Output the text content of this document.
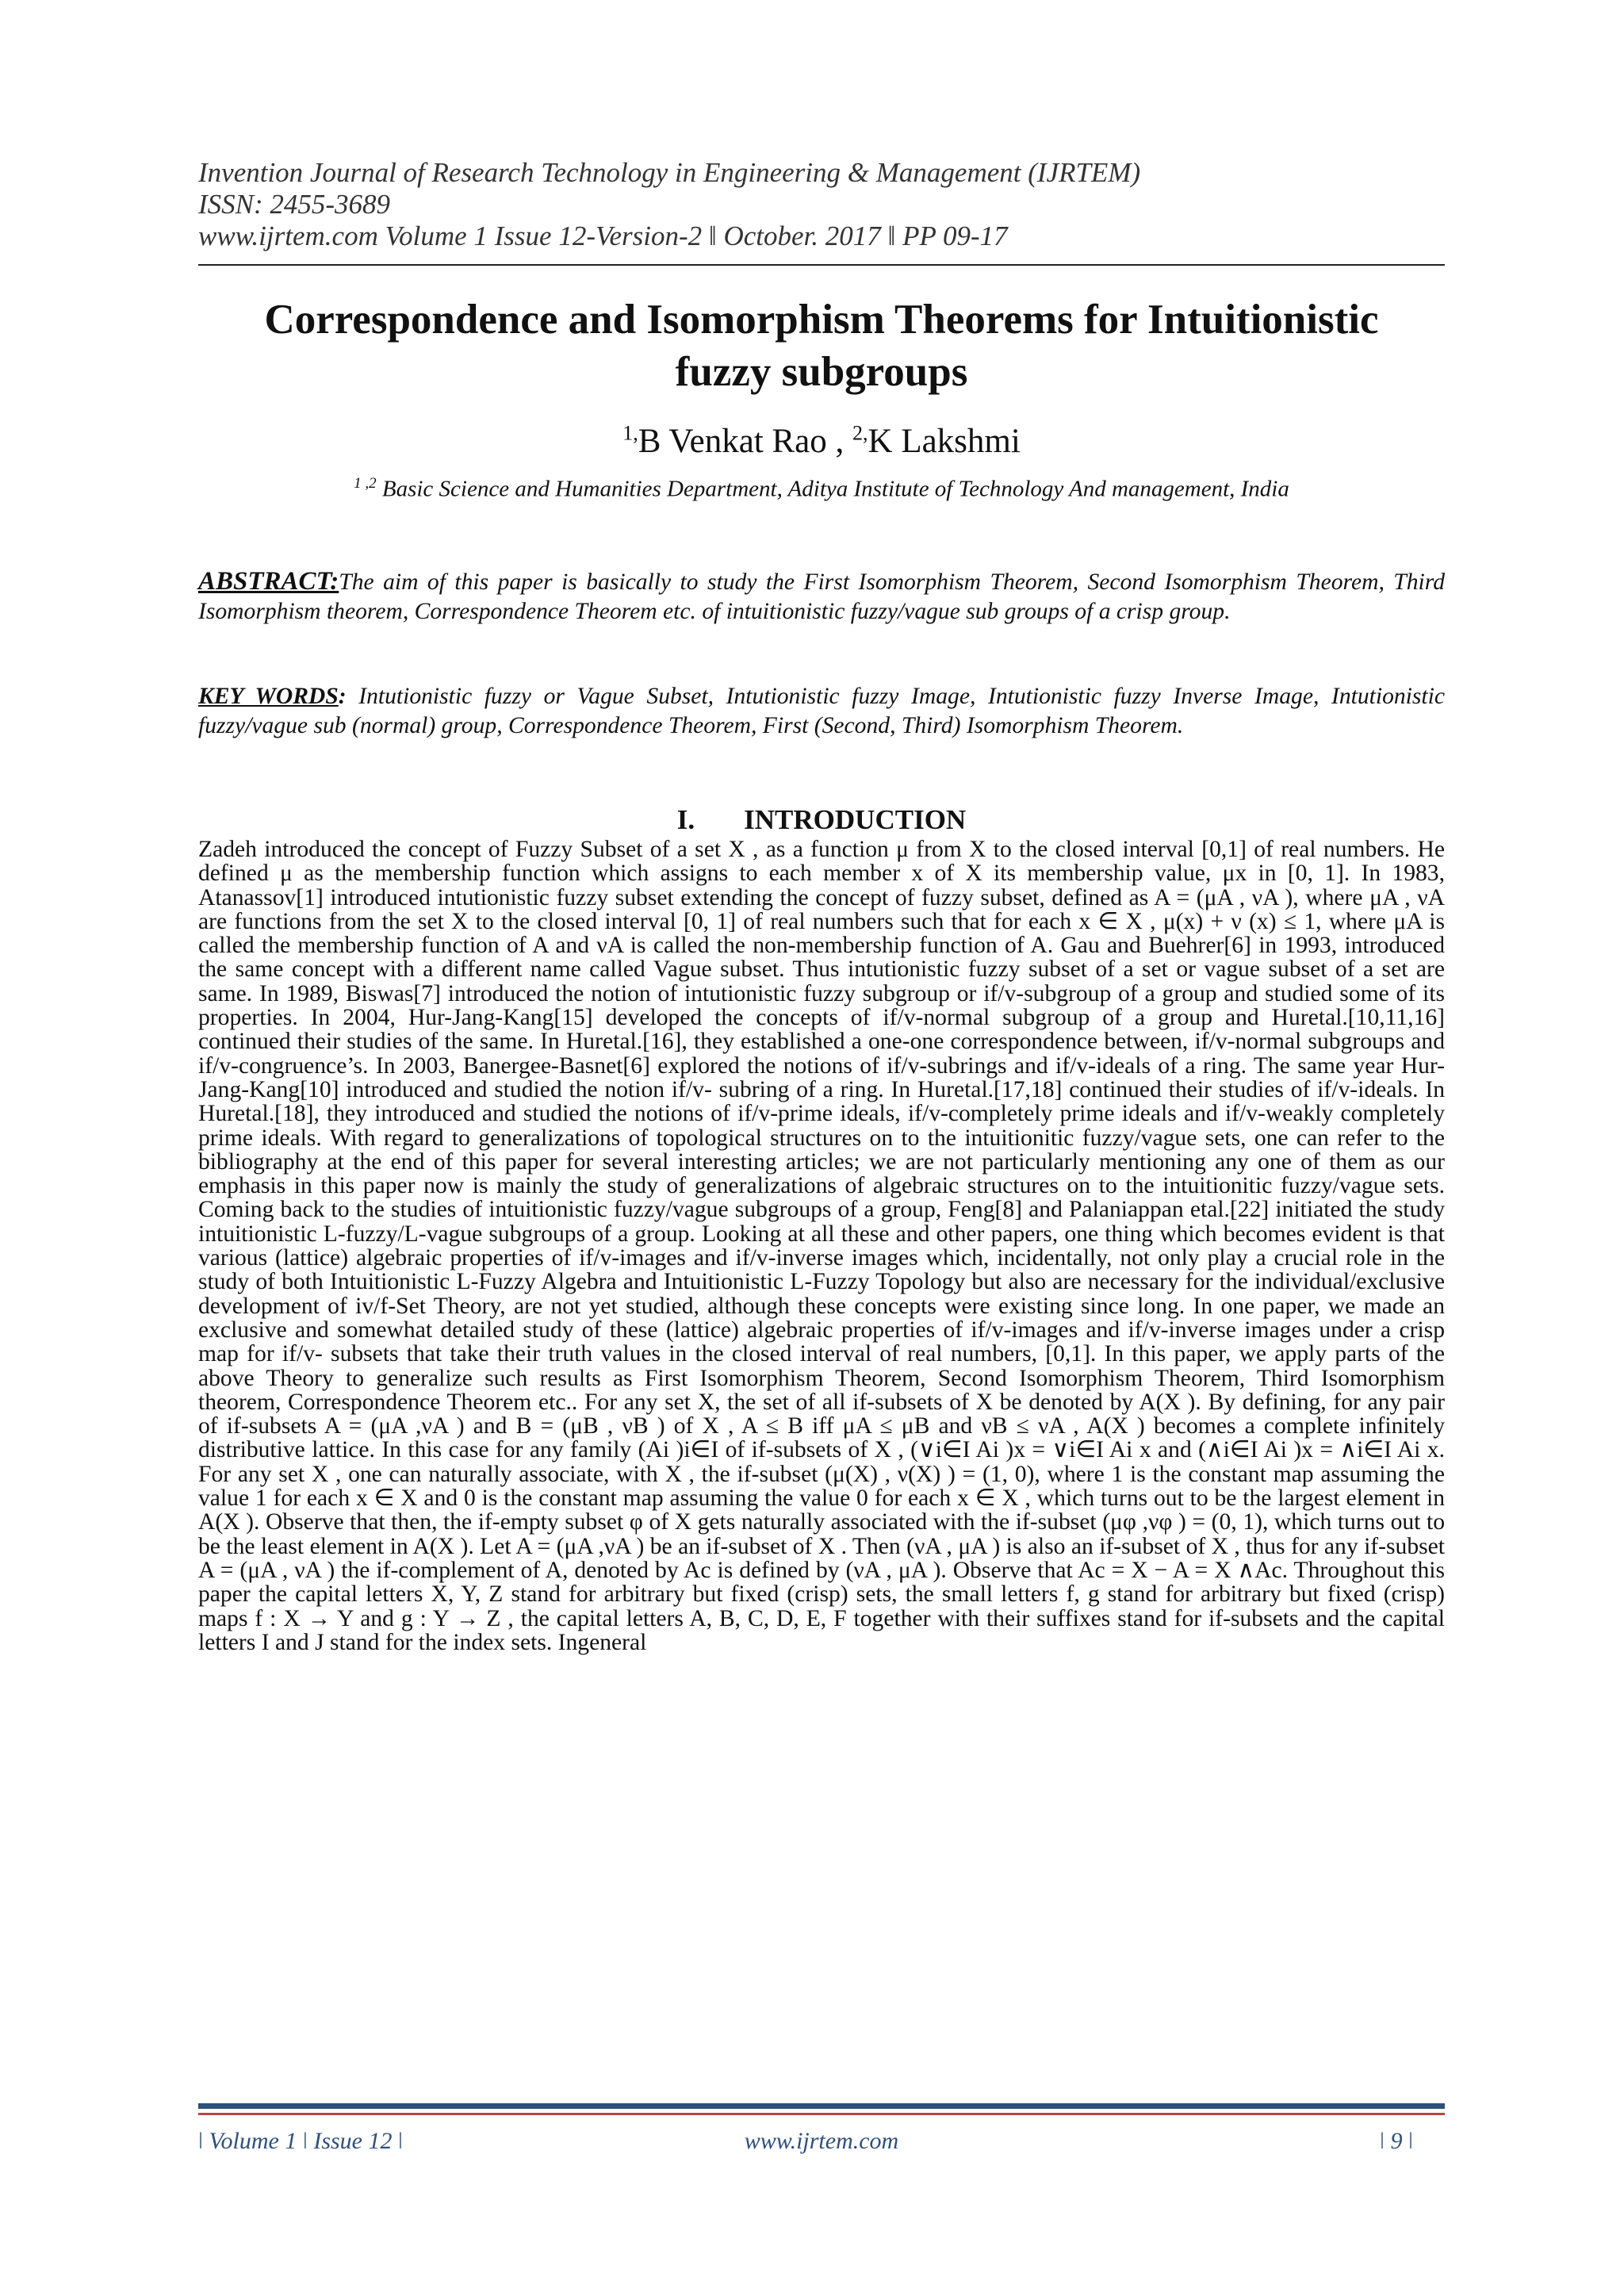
Invention Journal of Research Technology in Engineering & Management (IJRTEM)
ISSN: 2455-3689
www.ijrtem.com Volume 1 Issue 12-Version-2 ǁ October. 2017 ǁ PP 09-17
Correspondence and Isomorphism Theorems for Intuitionistic
fuzzy subgroups
$^{1,}$B Venkat Rao , $^{2,}$K Lakshmi
$^{1 ,2}$ Basic Science and Humanities Department, Aditya Institute of Technology And management, India
ABSTRACT:The aim of this paper is basically to study the First Isomorphism Theorem, Second Isomorphism Theorem, Third Isomorphism theorem, Correspondence Theorem etc. of intuitionistic fuzzy/vague sub groups of a crisp group.
KEY WORDS: Intutionistic fuzzy or Vague Subset, Intutionistic fuzzy Image, Intutionistic fuzzy Inverse Image, Intutionistic fuzzy/vague sub (normal) group, Correspondence Theorem, First (Second, Third) Isomorphism Theorem.
I. INTRODUCTION
Zadeh introduced the concept of Fuzzy Subset of a set X , as a function μ from X to the closed interval [0,1] of real numbers. He defined μ as the membership function which assigns to each member x of X its membership value, μx in [0, 1]. In 1983, Atanassov[1] introduced intutionistic fuzzy subset extending the concept of fuzzy subset, defined as A = (μA , νA ), where μA , νA are functions from the set X to the closed interval [0, 1] of real numbers such that for each x ∈ X , μ(x) + ν (x) ≤ 1, where μA is called the membership function of A and νA is called the non-membership function of A. Gau and Buehrer[6] in 1993, introduced the same concept with a different name called Vague subset. Thus intutionistic fuzzy subset of a set or vague subset of a set are same. In 1989, Biswas[7] introduced the notion of intutionistic fuzzy subgroup or if/v-subgroup of a group and studied some of its properties. In 2004, Hur-Jang-Kang[15] developed the concepts of if/v-normal subgroup of a group and Huretal.[10,11,16] continued their studies of the same. In Huretal.[16], they established a one-one correspondence between, if/v-normal subgroups and if/v-congruence’s. In 2003, Banergee-Basnet[6] explored the notions of if/v-subrings and if/v-ideals of a ring. The same year Hur-Jang-Kang[10] introduced and studied the notion if/v- subring of a ring. In Huretal.[17,18] continued their studies of if/v-ideals. In Huretal.[18], they introduced and studied the notions of if/v-prime ideals, if/v-completely prime ideals and if/v-weakly completely prime ideals. With regard to generalizations of topological structures on to the intuitionitic fuzzy/vague sets, one can refer to the bibliography at the end of this paper for several interesting articles; we are not particularly mentioning any one of them as our emphasis in this paper now is mainly the study of generalizations of algebraic structures on to the intuitionitic fuzzy/vague sets. Coming back to the studies of intuitionistic fuzzy/vague subgroups of a group, Feng[8] and Palaniappan etal.[22] initiated the study intuitionistic L-fuzzy/L-vague subgroups of a group. Looking at all these and other papers, one thing which becomes evident is that various (lattice) algebraic properties of if/v-images and if/v-inverse images which, incidentally, not only play a crucial role in the study of both Intuitionistic L-Fuzzy Algebra and Intuitionistic L-Fuzzy Topology but also are necessary for the individual/exclusive development of iv/f-Set Theory, are not yet studied, although these concepts were existing since long. In one paper, we made an exclusive and somewhat detailed study of these (lattice) algebraic properties of if/v-images and if/v-inverse images under a crisp map for if/v- subsets that take their truth values in the closed interval of real numbers, [0,1]. In this paper, we apply parts of the above Theory to generalize such results as First Isomorphism Theorem, Second Isomorphism Theorem, Third Isomorphism theorem, Correspondence Theorem etc.. For any set X, the set of all if-subsets of X be denoted by A(X ). By defining, for any pair of if-subsets A = (μA ,νA ) and B = (μB , νB ) of X , A ≤ B iff μA ≤ μB and νB ≤ νA , A(X ) becomes a complete infinitely distributive lattice. In this case for any family (Ai )i∈I of if-subsets of X , (∨i∈I Ai )x = ∨i∈I Ai x and (∧i∈I Ai )x = ∧i∈I Ai x. For any set X , one can naturally associate, with X , the if-subset (μ(X) , ν(X) ) = (1, 0), where 1 is the constant map assuming the value 1 for each x ∈ X and 0 is the constant map assuming the value 0 for each x ∈ X , which turns out to be the largest element in A(X ). Observe that then, the if-empty subset φ of X gets naturally associated with the if-subset (μφ ,νφ ) = (0, 1), which turns out to be the least element in A(X ). Let A = (μA ,νA ) be an if-subset of X . Then (νA , μA ) is also an if-subset of X , thus for any if-subset A = (μA , νA ) the if-complement of A, denoted by Ac is defined by (νA , μA ). Observe that Ac = X − A = X ∧Ac. Throughout this paper the capital letters X, Y, Z stand for arbitrary but fixed (crisp) sets, the small letters f, g stand for arbitrary but fixed (crisp) maps f : X → Y and g : Y → Z , the capital letters A, B, C, D, E, F together with their suffixes stand for if-subsets and the capital letters I and J stand for the index sets. Ingeneral
ǀ Volume 1 ǀ Issue 12 ǀ	www.ijrtem.com	ǀ 9 ǀ
